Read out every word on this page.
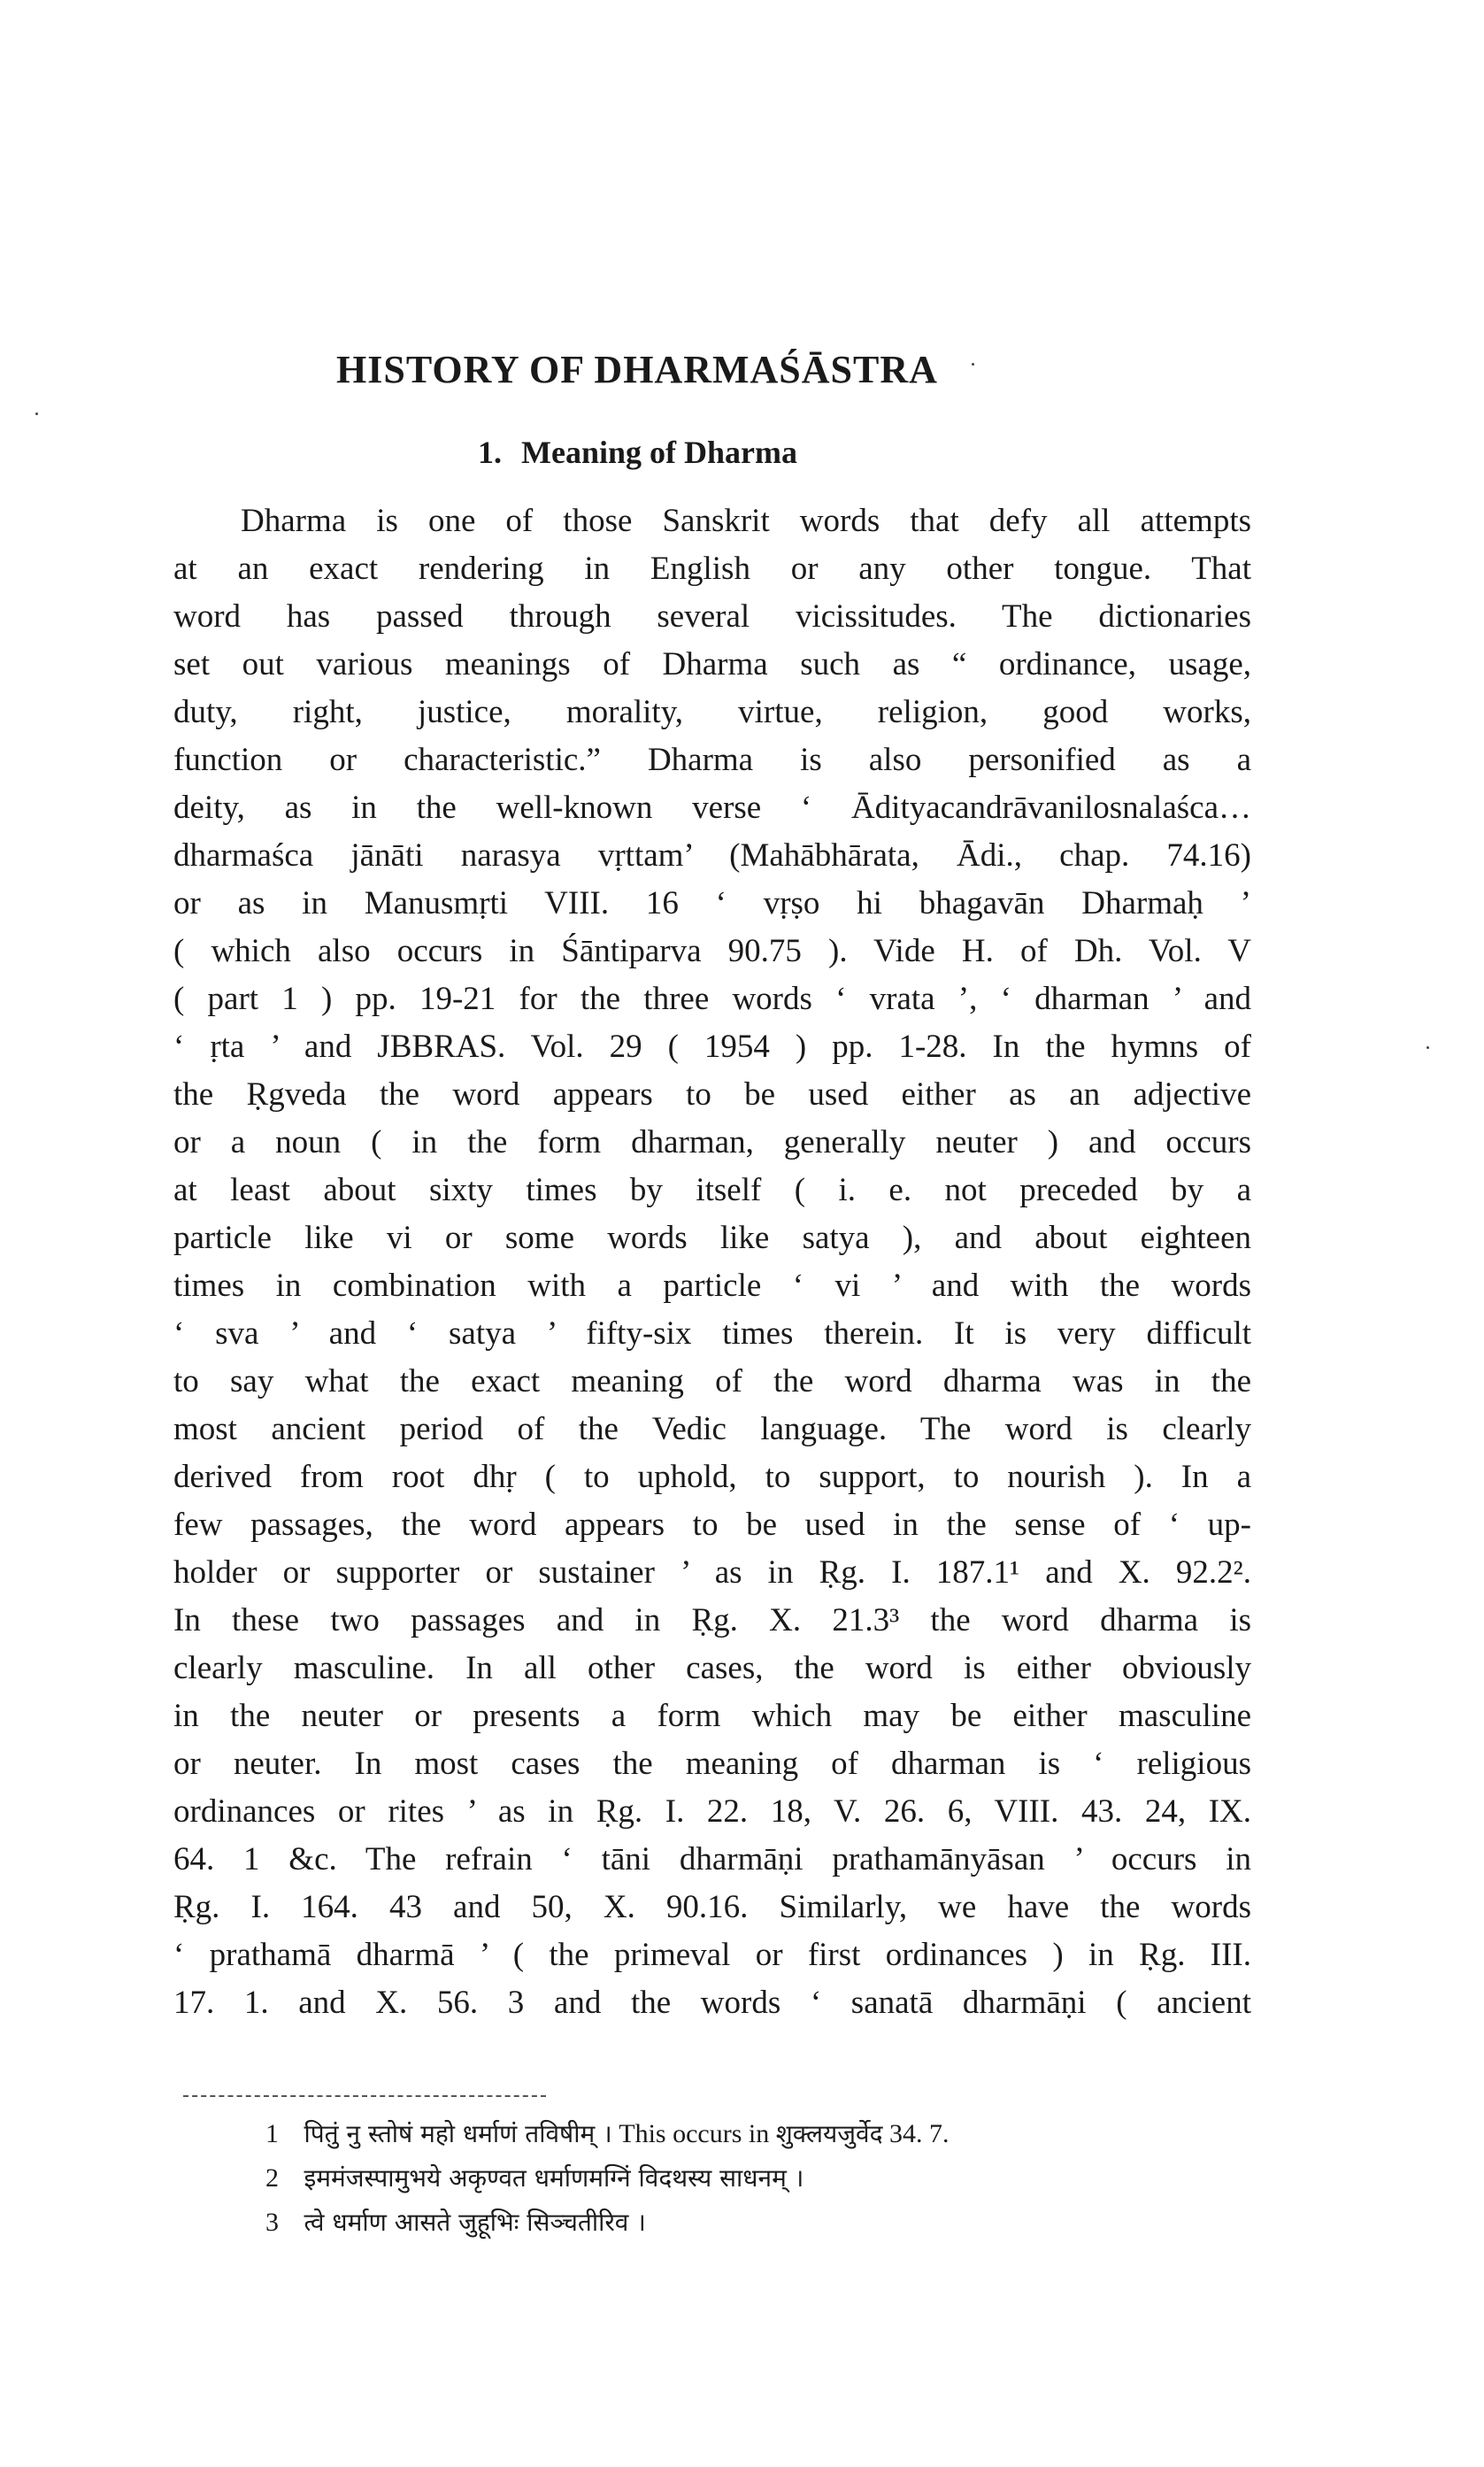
HISTORY OF DHARMAŚĀSTRA
1. Meaning of Dharma
Dharma is one of those Sanskrit words that defy all attempts
at an exact rendering in English or any other tongue. That
word has passed through several vicissitudes. The dictionaries
set out various meanings of Dharma such as “ ordinance, usage,
duty, right, justice, morality, virtue, religion, good works,
function or characteristic.” Dharma is also personified as a
deity, as in the well-known verse ‘ Ādityacandrāvanilosnalaśca…
dharmaśca jānāti narasya vṛttam’ (Mahābhārata, Ādi., chap. 74.16)
or as in Manusmṛti VIII. 16 ‘ vṛṣo hi bhagavān Dharmaḥ ’
( which also occurs in Śāntiparva 90.75 ). Vide H. of Dh. Vol. V
( part 1 ) pp. 19-21 for the three words ‘ vrata ’, ‘ dharman ’ and
‘ ṛta ’ and JBBRAS. Vol. 29 ( 1954 ) pp. 1-28. In the hymns of
the Ṛgveda the word appears to be used either as an adjective
or a noun ( in the form dharman, generally neuter ) and occurs
at least about sixty times by itself ( i. e. not preceded by a
particle like vi or some words like satya ), and about eighteen
times in combination with a particle ‘ vi ’ and with the words
‘ sva ’ and ‘ satya ’ fifty-six times therein. It is very difficult
to say what the exact meaning of the word dharma was in the
most ancient period of the Vedic language. The word is clearly
derived from root dhṛ ( to uphold, to support, to nourish ). In a
few passages, the word appears to be used in the sense of ‘ up-
holder or supporter or sustainer ’ as in Ṛg. I. 187.1¹ and X. 92.2².
In these two passages and in Ṛg. X. 21.3³ the word dharma is
clearly masculine. In all other cases, the word is either obviously
in the neuter or presents a form which may be either masculine
or neuter. In most cases the meaning of dharman is ‘ religious
ordinances or rites ’ as in Ṛg. I. 22. 18, V. 26. 6, VIII. 43. 24, IX.
64. 1 &c. The refrain ‘ tāni dharmāṇi prathamānyāsan ’ occurs in
Ṛg. I. 164. 43 and 50, X. 90.16. Similarly, we have the words
‘ prathamā dharmā ’ ( the primeval or first ordinances ) in Ṛg. III.
17. 1. and X. 56. 3 and the words ‘ sanatā dharmāṇi ( ancient
1 पितुं नु स्तोषं महो धर्माणं तविषीम् । This occurs in शुक्लयजुर्वेद 34. 7.
2 इममंजस्पामुभये अकृण्वत धर्माणमग्निं विदथस्य साधनम् ।
3 त्वे धर्माण आसते जुहूभिः सिञ्चतीरिव ।
